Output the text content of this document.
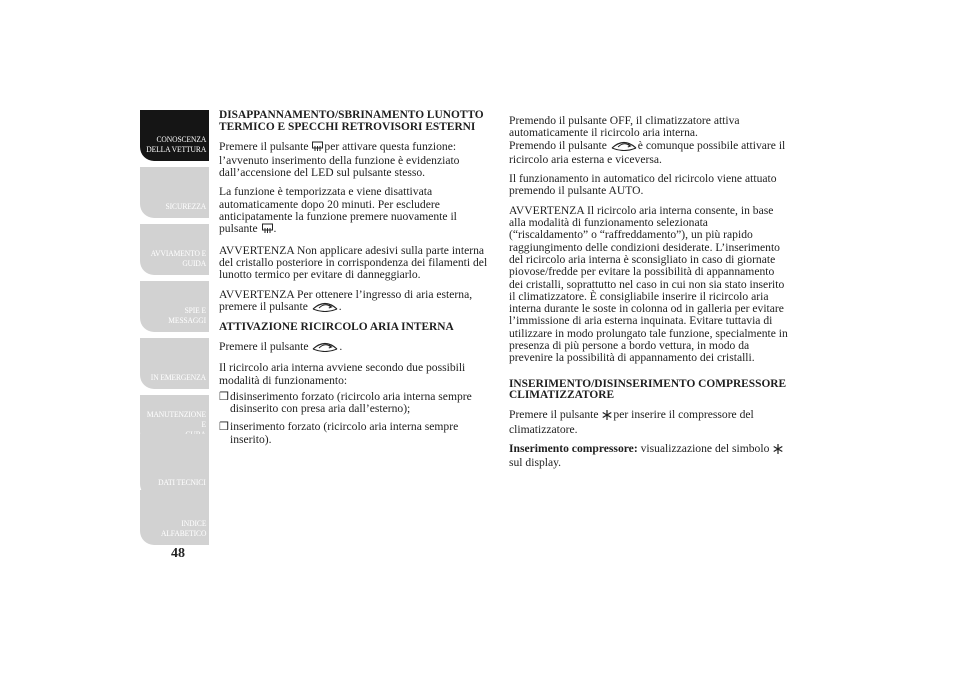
CONOSCENZA
DELLA VETTURA
SICUREZZA
AVVIAMENTO E
GUIDA
SPIE E MESSAGGI
IN EMERGENZA
MANUTENZIONE E

DATI TECNICI
INDICE
ALFABETICO
48
DISAPPANNAMENTO/SBRINAMENTO LUNOTTO TERMICO E SPECCHI RETROVISORI ESTERNI

Premere il pulsante per attivare questa funzione: l’avvenuto inserimento della funzione è evidenziato dall’accensione del LED sul pulsante stesso.

La funzione è temporizzata e viene disattivata automaticamente dopo 20 minuti. Per escludere anticipatamente la funzione premere nuovamente il pulsante .

AVVERTENZA Non applicare adesivi sulla parte interna del cristallo posteriore in corrispondenza dei filamenti del lunotto termico per evitare di danneggiarlo.

AVVERTENZA Per ottenere l’ingresso di aria esterna, premere il pulsante .

ATTIVAZIONE RICIRCOLO ARIA INTERNA

Premere il pulsante .

Il ricircolo aria interna avviene secondo due possibili modalità di funzionamento:

❒ disinserimento forzato (ricircolo aria interna sempre disinserito con presa aria dall’esterno);
❒ inserimento forzato (ricircolo aria interna sempre inserito).

Premendo il pulsante OFF, il climatizzatore attiva automaticamente il ricircolo aria interna.

Premendo il pulsante è comunque possibile attivare il ricircolo aria esterna e viceversa.

Il funzionamento in automatico del ricircolo viene attuato premendo il pulsante AUTO.

AVVERTENZA Il ricircolo aria interna consente, in base alla modalità di funzionamento selezionata (“riscaldamento” o “raffreddamento”), un più rapido raggiungimento delle condizioni desiderate. L’inserimento del ricircolo aria interna è sconsigliato in caso di giornate piovose/fredde per evitare la possibilità di appannamento dei cristalli, soprattutto nel caso in cui non sia stato inserito il climatizzatore. È consigliabile inserire il ricircolo aria interna durante le soste in colonna od in galleria per evitare l’immissione di aria esterna inquinata. Evitare tuttavia di utilizzare in modo prolungato tale funzione, specialmente in presenza di più persone a bordo vettura, in modo da prevenire la possibilità di appannamento dei cristalli.

INSERIMENTO/DISINSERIMENTO COMPRESSORE CLIMATIZZATORE

Premere il pulsante per inserire il compressore del climatizzatore.

Inserimento compressore: visualizzazione del simbolo sul display.
